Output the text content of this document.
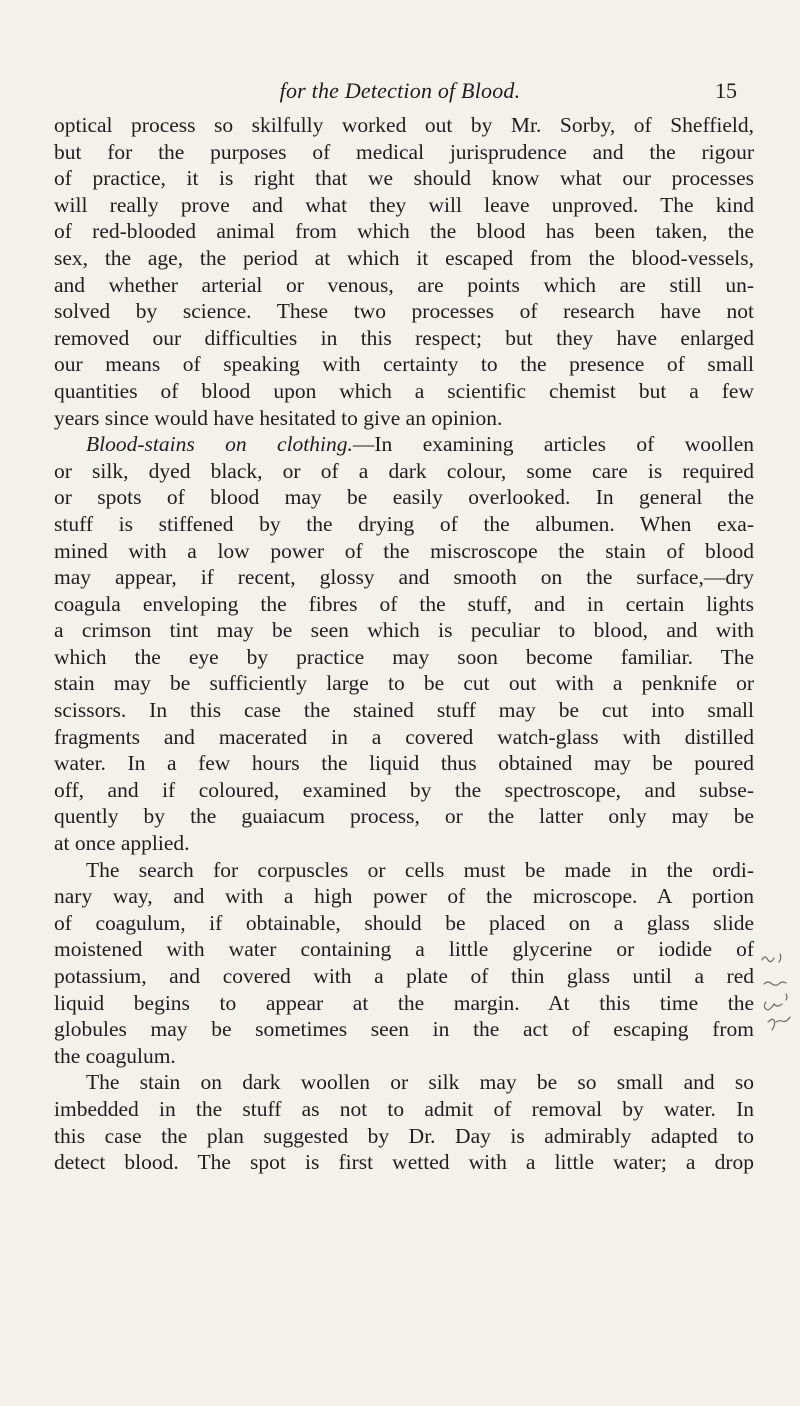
for the Detection of Blood.	15
optical process so skilfully worked out by Mr. Sorby, of Sheffield,
but for the purposes of medical jurisprudence and the rigour
of practice, it is right that we should know what our processes
will really prove and what they will leave unproved. The kind
of red-blooded animal from which the blood has been taken, the
sex, the age, the period at which it escaped from the blood-vessels,
and whether arterial or venous, are points which are still un-
solved by science. These two processes of research have not
removed our difficulties in this respect; but they have enlarged
our means of speaking with certainty to the presence of small
quantities of blood upon which a scientific chemist but a few
years since would have hesitated to give an opinion.
Blood-stains on clothing.—In examining articles of woollen
or silk, dyed black, or of a dark colour, some care is required
or spots of blood may be easily overlooked. In general the
stuff is stiffened by the drying of the albumen. When exa-
mined with a low power of the miscroscope the stain of blood
may appear, if recent, glossy and smooth on the surface,—dry
coagula enveloping the fibres of the stuff, and in certain lights
a crimson tint may be seen which is peculiar to blood, and with
which the eye by practice may soon become familiar. The
stain may be sufficiently large to be cut out with a penknife or
scissors. In this case the stained stuff may be cut into small
fragments and macerated in a covered watch-glass with distilled
water. In a few hours the liquid thus obtained may be poured
off, and if coloured, examined by the spectroscope, and subse-
quently by the guaiacum process, or the latter only may be
at once applied.
The search for corpuscles or cells must be made in the ordi-
nary way, and with a high power of the microscope. A portion
of coagulum, if obtainable, should be placed on a glass slide
moistened with water containing a little glycerine or iodide of
potassium, and covered with a plate of thin glass until a red
liquid begins to appear at the margin. At this time the
globules may be sometimes seen in the act of escaping from
the coagulum.
The stain on dark woollen or silk may be so small and so
imbedded in the stuff as not to admit of removal by water. In
this case the plan suggested by Dr. Day is admirably adapted to
detect blood. The spot is first wetted with a little water; a drop
